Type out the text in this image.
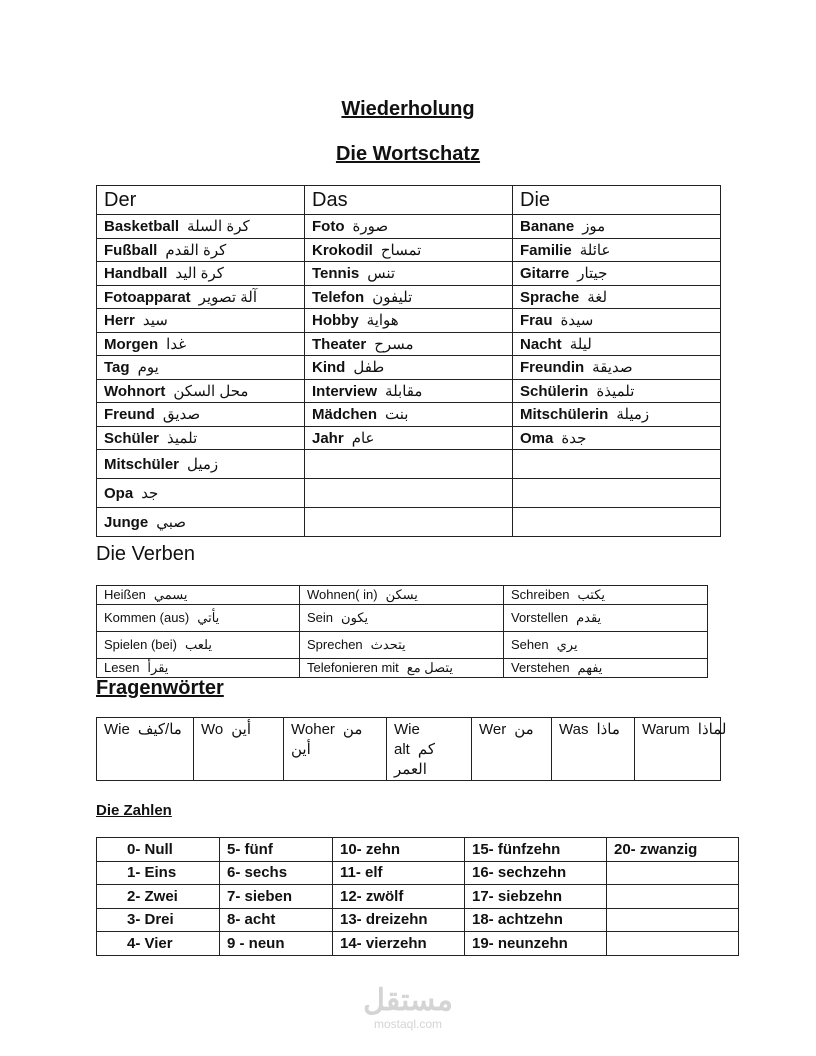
Wiederholung
Die Wortschatz
Der	Das	Die
Basketball كرة السلة	Foto صورة	Banane موز
Fußball كرة القدم	Krokodil تمساح	Familie عائلة
Handball كرة اليد	Tennis تنس	Gitarre جيتار
Fotoapparat آلة تصوير	Telefon تليفون	Sprache لغة
Herr سيد	Hobby هواية	Frau سيدة
Morgen غدا	Theater مسرح	Nacht ليلة
Tag يوم	Kind طفل	Freundin صديقة
Wohnort محل السكن	Interview مقابلة	Schülerin تلميذة
Freund صديق	Mädchen بنت	Mitschülerin زميلة
Schüler تلميذ	Jahr عام	Oma جدة
Mitschüler زميل		
Opa جد		
Junge صبي		
Die Verben
Heißen يسمي	Wohnen( in) يسكن	Schreiben يكتب
Kommen (aus) يأتي	Sein يكون	Vorstellen يقدم
Spielen (bei) يلعب	Sprechen يتحدث	Sehen يري
Lesen يقرأ	Telefonieren mit يتصل مع	Verstehen يفهم
Fragenwörter
Wie ما/كيف	Wo أين	Woher من أين	Wie alt كم العمر	Wer من	Was ماذا	Warum لماذا
Die Zahlen
0- Null	5- fünf	10- zehn	15- fünfzehn	20- zwanzig
1- Eins	6- sechs	11- elf	16- sechzehn	
2- Zwei	7- sieben	12- zwölf	17- siebzehn	
3- Drei	8- acht	13- dreizehn	18- achtzehn	
4- Vier	9 - neun	14- vierzehn	19- neunzehn	
مستقل
mostaql.com
